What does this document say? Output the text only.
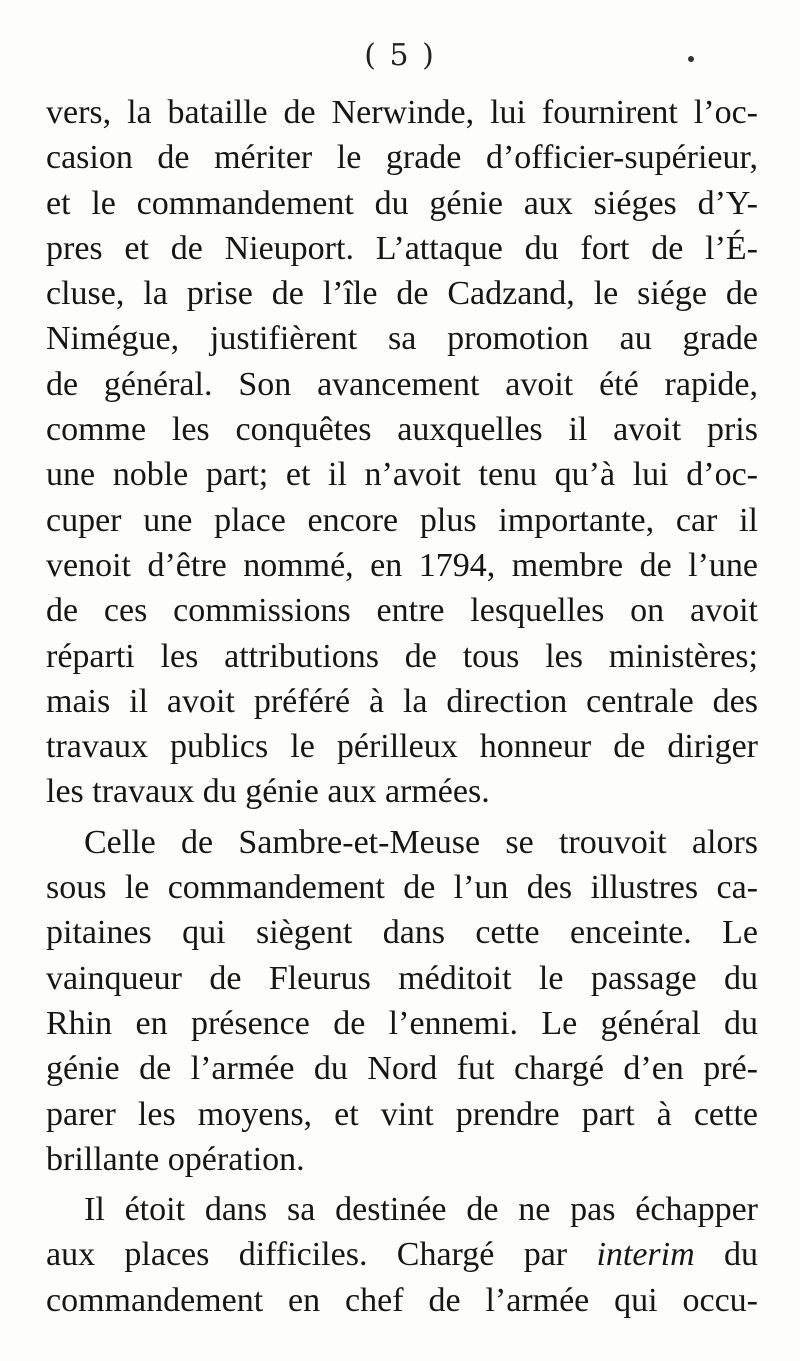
( 5 )
vers, la bataille de Nerwinde, lui fournirent l’oc-
casion de mériter le grade d’officier-supérieur,
et le commandement du génie aux siéges d’Y-
pres et de Nieuport. L’attaque du fort de l’É-
cluse, la prise de l’île de Cadzand, le siége de
Nimégue, justifièrent sa promotion au grade
de général. Son avancement avoit été rapide,
comme les conquêtes auxquelles il avoit pris
une noble part; et il n’avoit tenu qu’à lui d’oc-
cuper une place encore plus importante, car il
venoit d’être nommé, en 1794, membre de l’une
de ces commissions entre lesquelles on avoit
réparti les attributions de tous les ministères;
mais il avoit préféré à la direction centrale des
travaux publics le périlleux honneur de diriger
les travaux du génie aux armées.
Celle de Sambre-et-Meuse se trouvoit alors
sous le commandement de l’un des illustres ca-
pitaines qui siègent dans cette enceinte. Le
vainqueur de Fleurus méditoit le passage du
Rhin en présence de l’ennemi. Le général du
génie de l’armée du Nord fut chargé d’en pré-
parer les moyens, et vint prendre part à cette
brillante opération.
Il étoit dans sa destinée de ne pas échapper
aux places difficiles. Chargé par interim du
commandement en chef de l’armée qui occu-
